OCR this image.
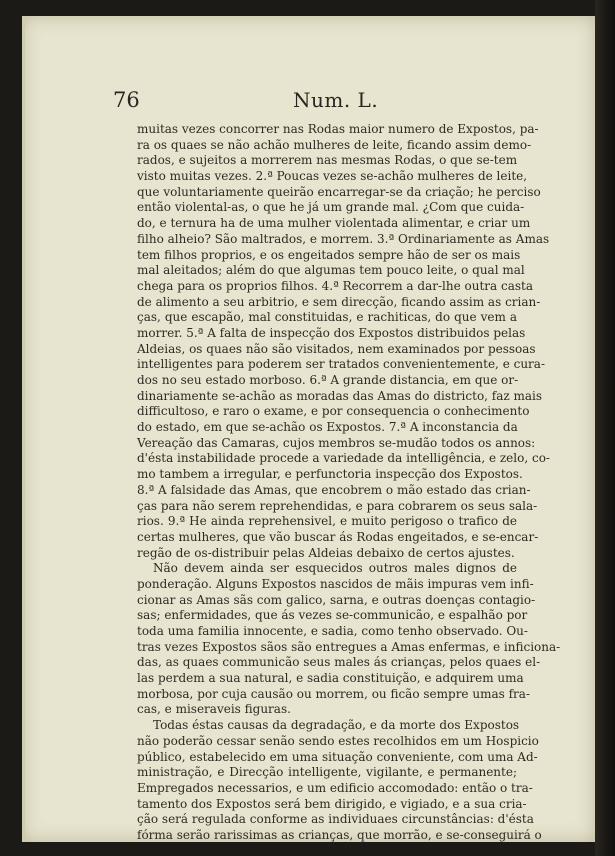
76	Num. L.
muitas vezes concorrer nas Rodas maior numero de Expostos, pa-
ra os quaes se não achão mulheres de leite, ficando assim demo-
rados, e sujeitos a morrerem nas mesmas Rodas, o que se-tem
visto muitas vezes. 2.ª Poucas vezes se-achão mulheres de leite,
que voluntariamente queirão encarregar-se da criação; he perciso
então violental-as, o que he já um grande mal. ¿Com que cuida-
do, e ternura ha de uma mulher violentada alimentar, e criar um
filho alheio? São maltrados, e morrem. 3.ª Ordinariamente as Amas
tem filhos proprios, e os engeitados sempre hão de ser os mais
mal aleitados; além do que algumas tem pouco leite, o qual mal
chega para os proprios filhos. 4.ª Recorrem a dar-lhe outra casta
de alimento a seu arbitrio, e sem direcção, ficando assim as crian-
ças, que escapão, mal constituidas, e rachiticas, do que vem a
morrer. 5.ª A falta de inspecção dos Expostos distribuidos pelas
Aldeias, os quaes não são visitados, nem examinados por pessoas
intelligentes para poderem ser tratados convenientemente, e cura-
dos no seu estado morboso. 6.ª A grande distancia, em que or-
dinariamente se-achão as moradas das Amas do districto, faz mais
difficultoso, e raro o exame, e por consequencia o conhecimento
do estado, em que se-achão os Expostos. 7.ª A inconstancia da
Vereação das Camaras, cujos membros se-mudão todos os annos:
d'ésta instabilidade procede a variedade da intelligência, e zelo, co-
mo tambem a irregular, e perfunctoria inspecção dos Expostos.
8.ª A falsidade das Amas, que encobrem o mão estado das crian-
ças para não serem reprehendidas, e para cobrarem os seus sala-
rios. 9.ª He ainda reprehensivel, e muito perigoso o trafico de
certas mulheres, que vão buscar ás Rodas engeitados, e se-encar-
regão de os-distribuir pelas Aldeias debaixo de certos ajustes.
Não devem ainda ser esquecidos outros males dignos de
ponderação. Alguns Expostos nascidos de mãis impuras vem infi-
cionar as Amas sãs com galico, sarna, e outras doenças contagio-
sas; enfermidades, que ás vezes se-communicão, e espalhão por
toda uma familia innocente, e sadia, como tenho observado. Ou-
tras vezes Expostos sãos são entregues a Amas enfermas, e inficiona-
das, as quaes communicão seus males ás crianças, pelos quaes el-
las perdem a sua natural, e sadia constituição, e adquirem uma
morbosa, por cuja causão ou morrem, ou ficão sempre umas fra-
cas, e miseraveis figuras.
Todas éstas causas da degradação, e da morte dos Expostos
não poderão cessar senão sendo estes recolhidos em um Hospicio
público, estabelecido em uma situação conveniente, com uma Ad-
ministração, e Direcção intelligente, vigilante, e permanente;
Empregados necessarios, e um edificio accomodado: então o tra-
tamento dos Expostos será bem dirigido, e vigiado, e a sua cria-
ção será regulada conforme as individuaes circunstâncias: d'ésta
fórma serão rarissimas as crianças, que morrão, e se-conseguirá o
